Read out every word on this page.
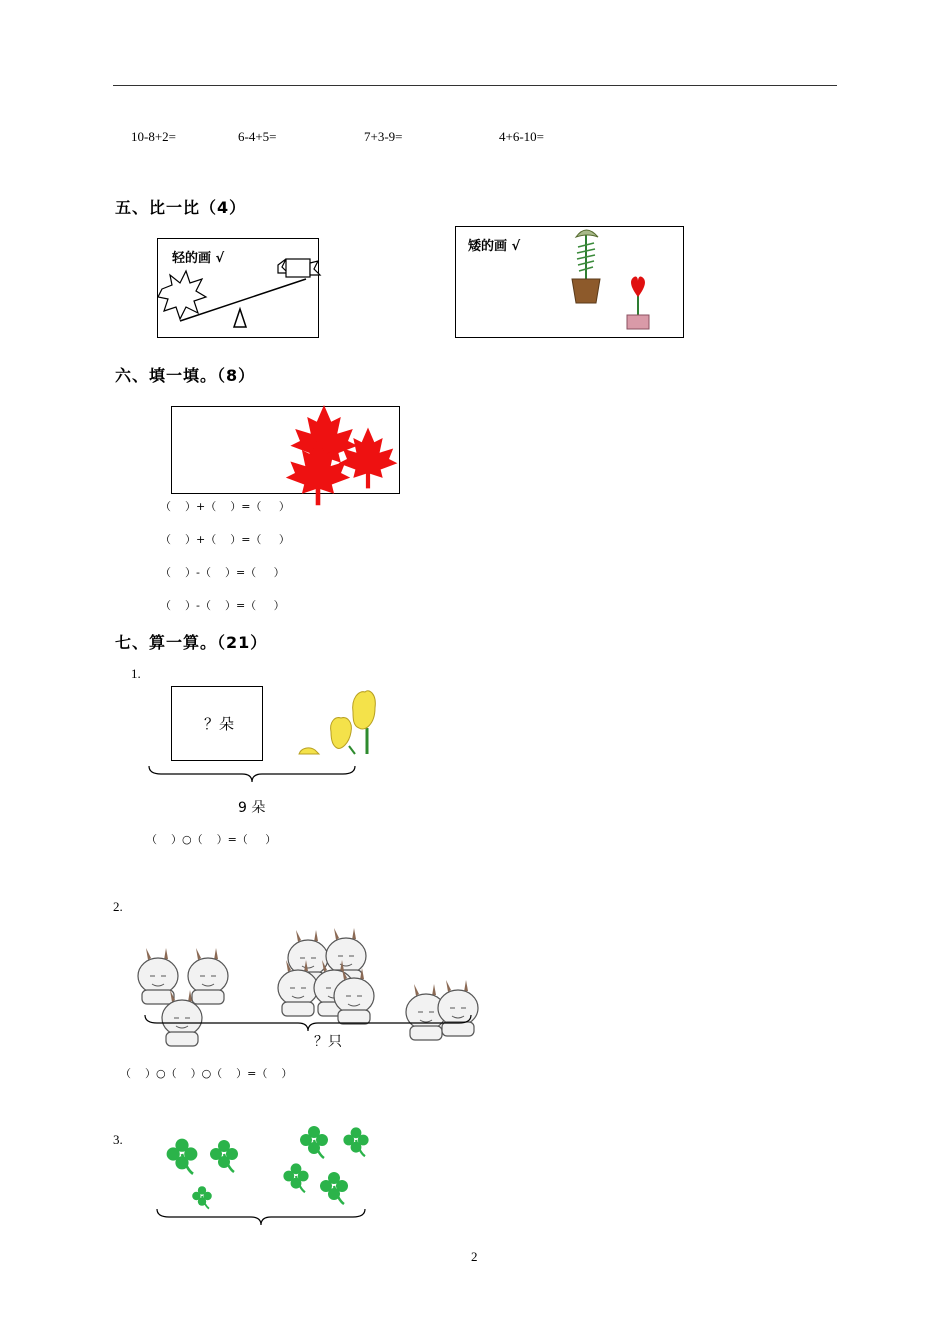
10-8+2=	6-4+5=	7+3-9=	4+6-10=
五、比一比（4）
轻的画 √
矮的画 √
六、填一填。（8）
（    ）+（    ）=（     ）
（    ）+（    ）=（     ）
（    ）-（    ）=（     ）
（    ）-（    ）=（     ）
七、算一算。（21）
1.
？朵
9 朵
（    ）○（    ）=（     ）
2.
？只
（    ）○（    ）○（    ）=（    ）
3.
2
